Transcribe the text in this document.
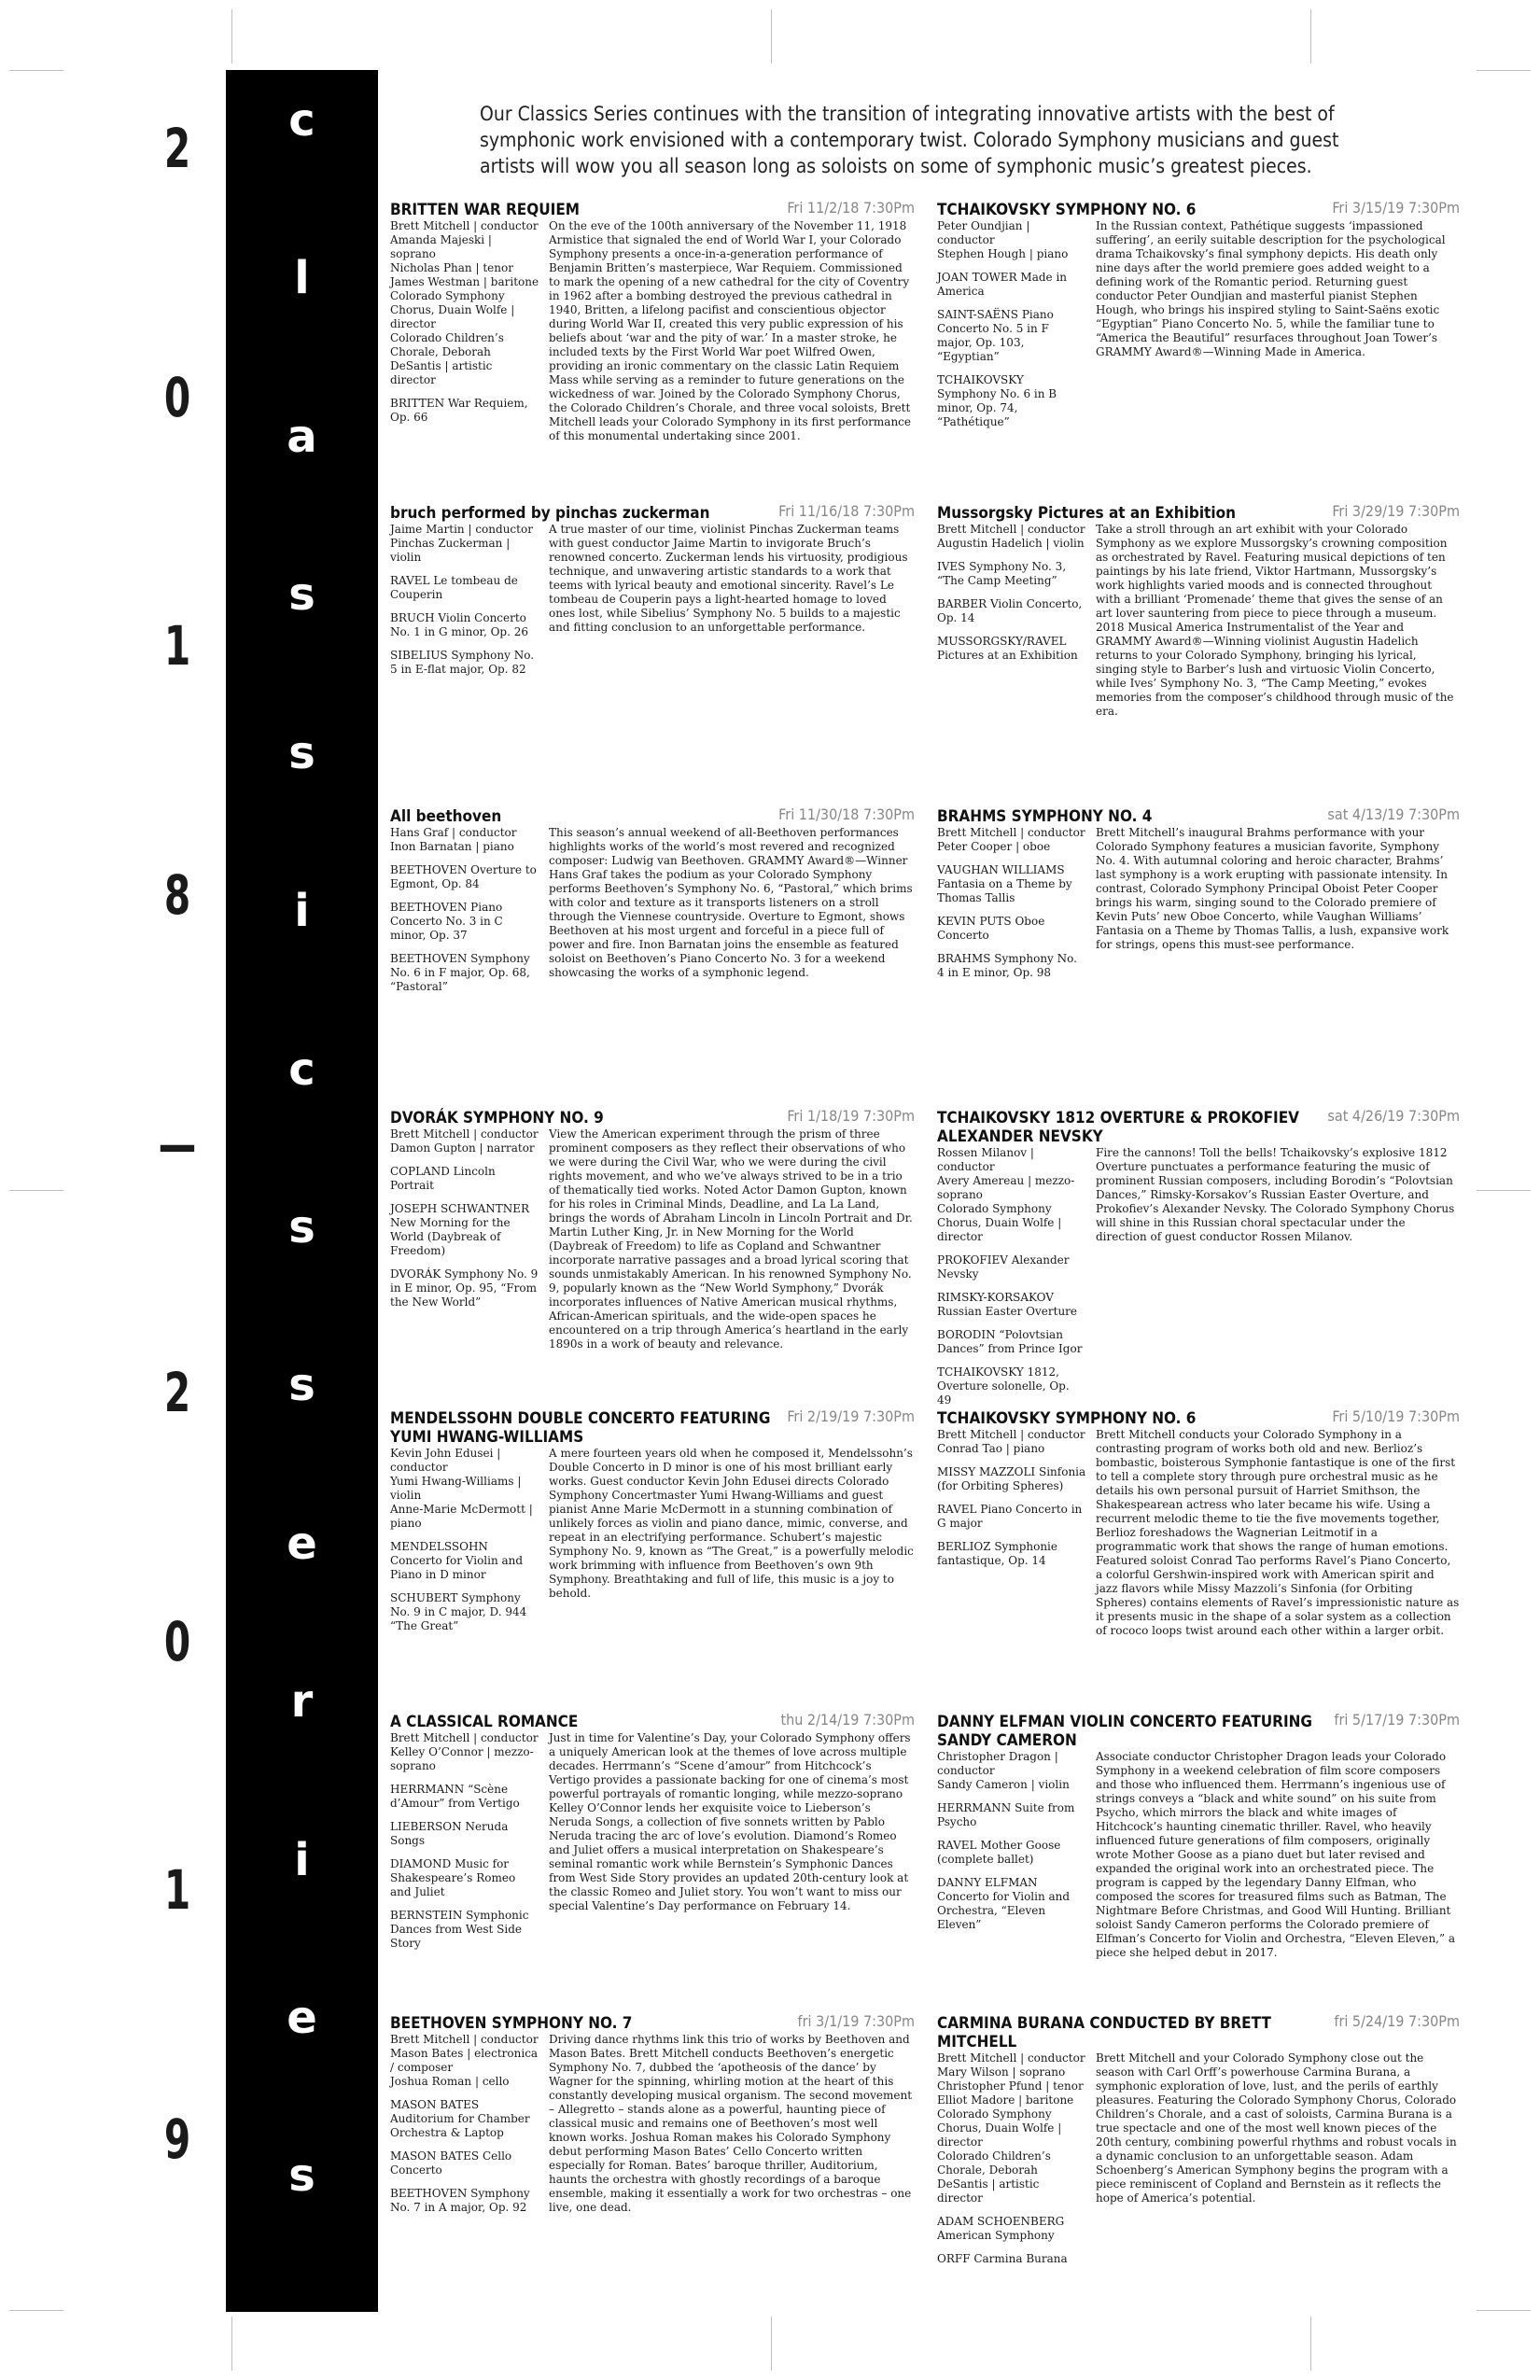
2
0
1
8
—
2
0
1
9
c
l
a
s
s
i
c
s
s
e
r
i
e
s
Our Classics Series continues with the transition of integrating innovative artists with the best of symphonic work envisioned with a contemporary twist. Colorado Symphony musicians and guest artists will wow you all season long as soloists on some of symphonic music’s greatest pieces.
BRITTEN WAR REQUIEM	Fri 11/2/18 7:30Pm
Brett Mitchell | conductor
Amanda Majeski | soprano
Nicholas Phan | tenor
James Westman | baritone
Colorado Symphony Chorus, Duain Wolfe | director
Colorado Children’s Chorale, Deborah DeSantis | artistic director

BRITTEN War Requiem, Op. 66

On the eve of the 100th anniversary of the November 11, 1918 Armistice that signaled the end of World War I, your Colorado Symphony presents a once-in-a-generation performance of Benjamin Britten’s masterpiece, War Requiem. Commissioned to mark the opening of a new cathedral for the city of Coventry in 1962 after a bombing destroyed the previous cathedral in 1940, Britten, a lifelong pacifist and conscientious objector during World War II, created this very public expression of his beliefs about ‘war and the pity of war.’ In a master stroke, he included texts by the First World War poet Wilfred Owen, providing an ironic commentary on the classic Latin Requiem Mass while serving as a reminder to future generations on the wickedness of war. Joined by the Colorado Symphony Chorus, the Colorado Children’s Chorale, and three vocal soloists, Brett Mitchell leads your Colorado Symphony in its first performance of this monumental undertaking since 2001.
TCHAIKOVSKY SYMPHONY NO. 6	Fri 3/15/19 7:30Pm
Peter Oundjian | conductor
Stephen Hough | piano

JOAN TOWER Made in America

SAINT-SAËNS Piano Concerto No. 5 in F major, Op. 103, “Egyptian”

TCHAIKOVSKY Symphony No. 6 in B minor, Op. 74, “Pathétique”

In the Russian context, Pathétique suggests ‘impassioned suffering’, an eerily suitable description for the psychological drama Tchaikovsky’s final symphony depicts. His death only nine days after the world premiere goes added weight to a defining work of the Romantic period. Returning guest conductor Peter Oundjian and masterful pianist Stephen Hough, who brings his inspired styling to Saint-Saëns exotic “Egyptian” Piano Concerto No. 5, while the familiar tune to “America the Beautiful” resurfaces throughout Joan Tower’s GRAMMY Award®—Winning Made in America.
bruch performed by pinchas zuckerman	Fri 11/16/18 7:30Pm
Jaime Martin | conductor
Pinchas Zuckerman | violin

RAVEL Le tombeau de Couperin

BRUCH Violin Concerto No. 1 in G minor, Op. 26

SIBELIUS Symphony No. 5 in E-flat major, Op. 82

A true master of our time, violinist Pinchas Zuckerman teams with guest conductor Jaime Martin to invigorate Bruch’s renowned concerto. Zuckerman lends his virtuosity, prodigious technique, and unwavering artistic standards to a work that teems with lyrical beauty and emotional sincerity. Ravel’s Le tombeau de Couperin pays a light-hearted homage to loved ones lost, while Sibelius’ Symphony No. 5 builds to a majestic and fitting conclusion to an unforgettable performance.
Mussorgsky Pictures at an Exhibition	Fri 3/29/19 7:30Pm
Brett Mitchell | conductor
Augustin Hadelich | violin

IVES Symphony No. 3, “The Camp Meeting”

BARBER Violin Concerto, Op. 14

MUSSORGSKY/RAVEL Pictures at an Exhibition

Take a stroll through an art exhibit with your Colorado Symphony as we explore Mussorgsky’s crowning composition as orchestrated by Ravel. Featuring musical depictions of ten paintings by his late friend, Viktor Hartmann, Mussorgsky’s work highlights varied moods and is connected throughout with a brilliant ‘Promenade’ theme that gives the sense of an art lover sauntering from piece to piece through a museum. 2018 Musical America Instrumentalist of the Year and GRAMMY Award®—Winning violinist Augustin Hadelich returns to your Colorado Symphony, bringing his lyrical, singing style to Barber’s lush and virtuosic Violin Concerto, while Ives’ Symphony No. 3, “The Camp Meeting,” evokes memories from the composer’s childhood through music of the era.
All beethoven	Fri 11/30/18 7:30Pm
Hans Graf | conductor
Inon Barnatan | piano

BEETHOVEN Overture to Egmont, Op. 84

BEETHOVEN Piano Concerto No. 3 in C minor, Op. 37

BEETHOVEN Symphony No. 6 in F major, Op. 68, “Pastoral”

This season’s annual weekend of all-Beethoven performances highlights works of the world’s most revered and recognized composer: Ludwig van Beethoven. GRAMMY Award®—Winner Hans Graf takes the podium as your Colorado Symphony performs Beethoven’s Symphony No. 6, “Pastoral,” which brims with color and texture as it transports listeners on a stroll through the Viennese countryside. Overture to Egmont, shows Beethoven at his most urgent and forceful in a piece full of power and fire. Inon Barnatan joins the ensemble as featured soloist on Beethoven’s Piano Concerto No. 3 for a weekend showcasing the works of a symphonic legend.
BRAHMS SYMPHONY NO. 4	sat 4/13/19 7:30Pm
Brett Mitchell | conductor
Peter Cooper | oboe

VAUGHAN WILLIAMS Fantasia on a Theme by Thomas Tallis

KEVIN PUTS Oboe Concerto

BRAHMS Symphony No. 4 in E minor, Op. 98

Brett Mitchell’s inaugural Brahms performance with your Colorado Symphony features a musician favorite, Symphony No. 4. With autumnal coloring and heroic character, Brahms’ last symphony is a work erupting with passionate intensity. In contrast, Colorado Symphony Principal Oboist Peter Cooper brings his warm, singing sound to the Colorado premiere of Kevin Puts’ new Oboe Concerto, while Vaughan Williams’ Fantasia on a Theme by Thomas Tallis, a lush, expansive work for strings, opens this must-see performance.
DVORÁK SYMPHONY NO. 9	Fri 1/18/19 7:30Pm
Brett Mitchell | conductor
Damon Gupton | narrator

COPLAND Lincoln Portrait

JOSEPH SCHWANTNER New Morning for the World (Daybreak of Freedom)

DVORÁK Symphony No. 9 in E minor, Op. 95, “From the New World”

View the American experiment through the prism of three prominent composers as they reflect their observations of who we were during the Civil War, who we were during the civil rights movement, and who we’ve always strived to be in a trio of thematically tied works. Noted Actor Damon Gupton, known for his roles in Criminal Minds, Deadline, and La La Land, brings the words of Abraham Lincoln in Lincoln Portrait and Dr. Martin Luther King, Jr. in New Morning for the World (Daybreak of Freedom) to life as Copland and Schwantner incorporate narrative passages and a broad lyrical scoring that sounds unmistakably American. In his renowned Symphony No. 9, popularly known as the “New World Symphony,” Dvorák incorporates influences of Native American musical rhythms, African-American spirituals, and the wide-open spaces he encountered on a trip through America’s heartland in the early 1890s in a work of beauty and relevance.
TCHAIKOVSKY 1812 OVERTURE & PROKOFIEV ALEXANDER NEVSKY
sat 4/26/19 7:30Pm
Rossen Milanov | conductor
Avery Amereau | mezzo-soprano
Colorado Symphony Chorus, Duain Wolfe | director

PROKOFIEV Alexander Nevsky

RIMSKY-KORSAKOV Russian Easter Overture

BORODIN “Polovtsian Dances” from Prince Igor

TCHAIKOVSKY 1812, Overture solonelle, Op. 49

Fire the cannons! Toll the bells! Tchaikovsky’s explosive 1812 Overture punctuates a performance featuring the music of prominent Russian composers, including Borodin’s “Polovtsian Dances,” Rimsky-Korsakov’s Russian Easter Overture, and Prokofiev’s Alexander Nevsky. The Colorado Symphony Chorus will shine in this Russian choral spectacular under the direction of guest conductor Rossen Milanov.
MENDELSSOHN DOUBLE CONCERTO FEATURING YUMI HWANG-WILLIAMS
Fri 2/19/19 7:30Pm
Kevin John Edusei | conductor
Yumi Hwang-Williams | violin
Anne-Marie McDermott | piano

MENDELSSOHN Concerto for Violin and Piano in D minor

SCHUBERT Symphony No. 9 in C major, D. 944 “The Great”

A mere fourteen years old when he composed it, Mendelssohn’s Double Concerto in D minor is one of his most brilliant early works. Guest conductor Kevin John Edusei directs Colorado Symphony Concertmaster Yumi Hwang-Williams and guest pianist Anne Marie McDermott in a stunning combination of unlikely forces as violin and piano dance, mimic, converse, and repeat in an electrifying performance. Schubert’s majestic Symphony No. 9, known as “The Great,” is a powerfully melodic work brimming with influence from Beethoven’s own 9th Symphony. Breathtaking and full of life, this music is a joy to behold.
TCHAIKOVSKY SYMPHONY NO. 6	Fri 5/10/19 7:30Pm
Brett Mitchell | conductor
Conrad Tao | piano

MISSY MAZZOLI Sinfonia (for Orbiting Spheres)

RAVEL Piano Concerto in G major

BERLIOZ Symphonie fantastique, Op. 14

Brett Mitchell conducts your Colorado Symphony in a contrasting program of works both old and new. Berlioz’s bombastic, boisterous Symphonie fantastique is one of the first to tell a complete story through pure orchestral music as he details his own personal pursuit of Harriet Smithson, the Shakespearean actress who later became his wife. Using a recurrent melodic theme to tie the five movements together, Berlioz foreshadows the Wagnerian Leitmotif in a programmatic work that shows the range of human emotions. Featured soloist Conrad Tao performs Ravel’s Piano Concerto, a colorful Gershwin-inspired work with American spirit and jazz flavors while Missy Mazzoli’s Sinfonia (for Orbiting Spheres) contains elements of Ravel’s impressionistic nature as it presents music in the shape of a solar system as a collection of rococo loops twist around each other within a larger orbit.
A CLASSICAL ROMANCE	thu 2/14/19 7:30Pm
Brett Mitchell | conductor
Kelley O’Connor | mezzo-soprano

HERRMANN “Scène d’Amour” from Vertigo

LIEBERSON Neruda Songs

DIAMOND Music for Shakespeare’s Romeo and Juliet

BERNSTEIN Symphonic Dances from West Side Story

Just in time for Valentine’s Day, your Colorado Symphony offers a uniquely American look at the themes of love across multiple decades. Herrmann’s “Scene d’amour” from Hitchcock’s Vertigo provides a passionate backing for one of cinema’s most powerful portrayals of romantic longing, while mezzo-soprano Kelley O’Connor lends her exquisite voice to Lieberson’s Neruda Songs, a collection of five sonnets written by Pablo Neruda tracing the arc of love’s evolution. Diamond’s Romeo and Juliet offers a musical interpretation on Shakespeare’s seminal romantic work while Bernstein’s Symphonic Dances from West Side Story provides an updated 20th-century look at the classic Romeo and Juliet story. You won’t want to miss our special Valentine’s Day performance on February 14.
DANNY ELFMAN VIOLIN CONCERTO FEATURING SANDY CAMERON
fri 5/17/19 7:30Pm
Christopher Dragon | conductor
Sandy Cameron | violin

HERRMANN Suite from Psycho

RAVEL Mother Goose (complete ballet)

DANNY ELFMAN Concerto for Violin and Orchestra, “Eleven Eleven”

Associate conductor Christopher Dragon leads your Colorado Symphony in a weekend celebration of film score composers and those who influenced them. Herrmann’s ingenious use of strings conveys a “black and white sound” on his suite from Psycho, which mirrors the black and white images of Hitchcock’s haunting cinematic thriller. Ravel, who heavily influenced future generations of film composers, originally wrote Mother Goose as a piano duet but later revised and expanded the original work into an orchestrated piece. The program is capped by the legendary Danny Elfman, who composed the scores for treasured films such as Batman, The Nightmare Before Christmas, and Good Will Hunting. Brilliant soloist Sandy Cameron performs the Colorado premiere of Elfman’s Concerto for Violin and Orchestra, “Eleven Eleven,” a piece she helped debut in 2017.
BEETHOVEN SYMPHONY NO. 7	fri 3/1/19 7:30Pm
Brett Mitchell | conductor
Mason Bates | electronica / composer
Joshua Roman | cello

MASON BATES Auditorium for Chamber Orchestra & Laptop

MASON BATES Cello Concerto

BEETHOVEN Symphony No. 7 in A major, Op. 92

Driving dance rhythms link this trio of works by Beethoven and Mason Bates. Brett Mitchell conducts Beethoven’s energetic Symphony No. 7, dubbed the ‘apotheosis of the dance’ by Wagner for the spinning, whirling motion at the heart of this constantly developing musical organism. The second movement – Allegretto – stands alone as a powerful, haunting piece of classical music and remains one of Beethoven’s most well known works. Joshua Roman makes his Colorado Symphony debut performing Mason Bates’ Cello Concerto written especially for Roman. Bates’ baroque thriller, Auditorium, haunts the orchestra with ghostly recordings of a baroque ensemble, making it essentially a work for two orchestras – one live, one dead.
CARMINA BURANA CONDUCTED BY BRETT MITCHELL
fri 5/24/19 7:30Pm
Brett Mitchell | conductor
Mary Wilson | soprano
Christopher Pfund | tenor
Elliot Madore | baritone
Colorado Symphony Chorus, Duain Wolfe | director
Colorado Children’s Chorale, Deborah DeSantis | artistic director

ADAM SCHOENBERG American Symphony

ORFF Carmina Burana

Brett Mitchell and your Colorado Symphony close out the season with Carl Orff’s powerhouse Carmina Burana, a symphonic exploration of love, lust, and the perils of earthly pleasures. Featuring the Colorado Symphony Chorus, Colorado Children’s Chorale, and a cast of soloists, Carmina Burana is a true spectacle and one of the most well known pieces of the 20th century, combining powerful rhythms and robust vocals in a dynamic conclusion to an unforgettable season. Adam Schoenberg’s American Symphony begins the program with a piece reminiscent of Copland and Bernstein as it reflects the hope of America’s potential.
